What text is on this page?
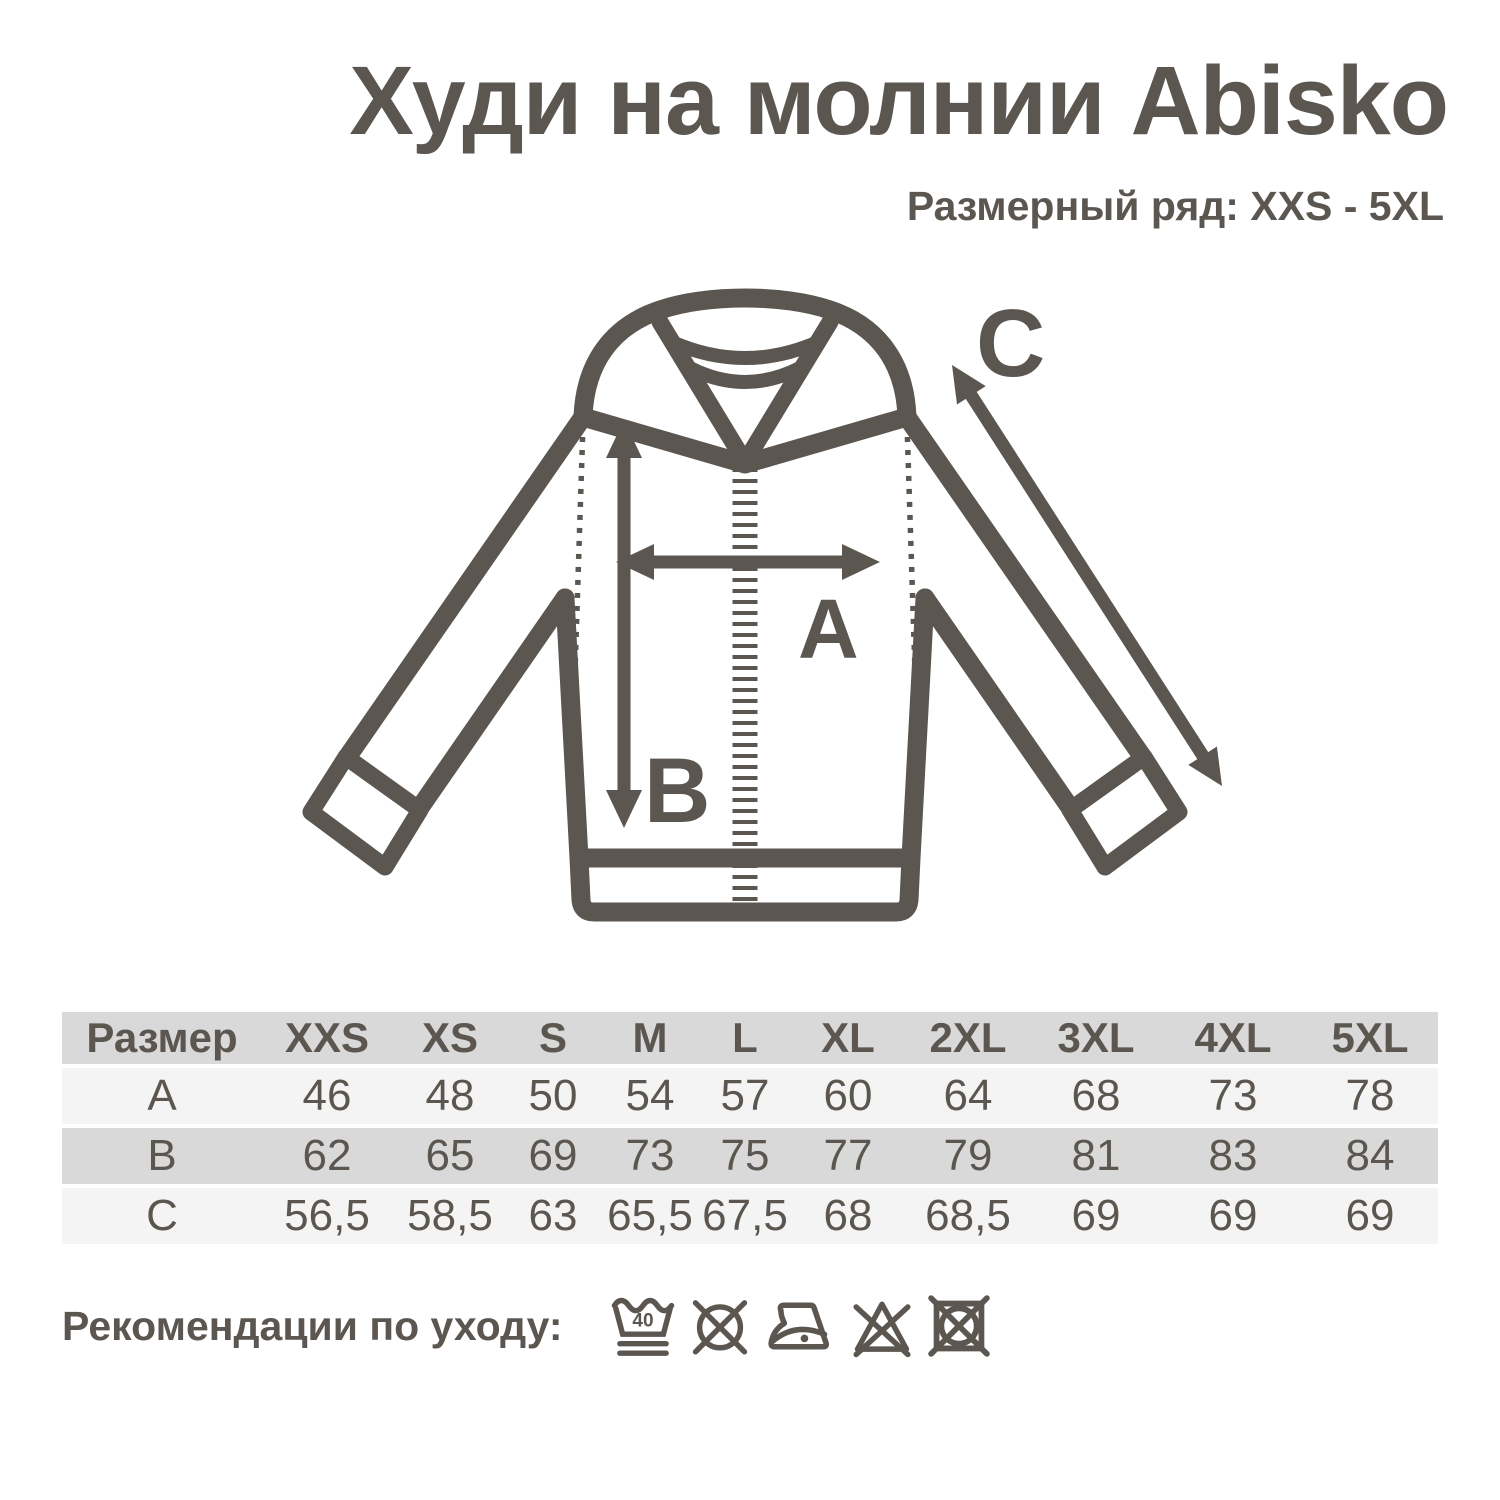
Худи на молнии Abisko
Размерный ряд: XXS - 5XL
A
B
C
Размер	XXS	XS	S	M	L	XL	2XL	3XL	4XL	5XL
A	46	48	50	54	57	60	64	68	73	78
B	62	65	69	73	75	77	79	81	83	84
C	56,5	58,5	63	65,5	67,5	68	68,5	69	69	69
Рекомендации по уходу: 40
